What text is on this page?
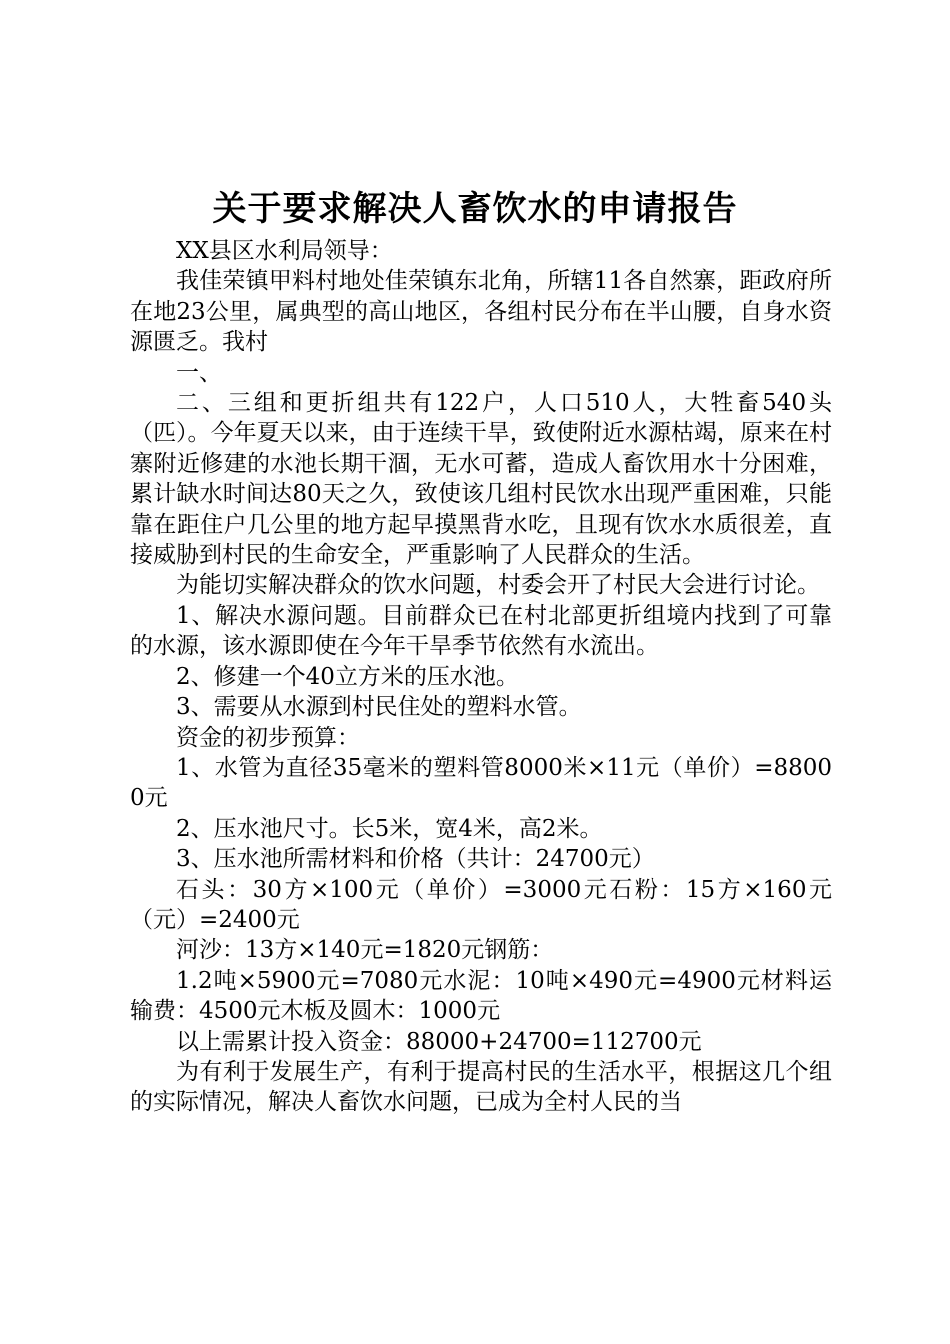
关于要求解决人畜饮水的申请报告

XX县区水利局领导：

我佳荣镇甲料村地处佳荣镇东北角，所辖11各自然寨，距政府所在地23公里，属典型的高山地区，各组村民分布在半山腰，自身水资源匮乏。我村

一、

二、三组和更折组共有122户，人口510人，大牲畜540头（匹）。今年夏天以来，由于连续干旱，致使附近水源枯竭，原来在村寨附近修建的水池长期干涸，无水可蓄，造成人畜饮用水十分困难，累计缺水时间达80天之久，致使该几组村民饮水出现严重困难，只能靠在距住户几公里的地方起早摸黑背水吃，且现有饮水水质很差，直接威胁到村民的生命安全，严重影响了人民群众的生活。

为能切实解决群众的饮水问题，村委会开了村民大会进行讨论。

1、解决水源问题。目前群众已在村北部更折组境内找到了可靠的水源，该水源即使在今年干旱季节依然有水流出。

2、修建一个40立方米的压水池。

3、需要从水源到村民住处的塑料水管。

资金的初步预算：

1、水管为直径35毫米的塑料管8000米×11元（单价）=88000元

2、压水池尺寸。长5米，宽4米，高2米。

3、压水池所需材料和价格（共计：24700元）

石头：30方×100元（单价）=3000元石粉：15方×160元（元）=2400元

河沙：13方×140元=1820元钢筋：

1.2吨×5900元=7080元水泥：10吨×490元=4900元材料运输费：4500元木板及圆木：1000元

以上需累计投入资金：88000+24700=112700元

为有利于发展生产，有利于提高村民的生活水平，根据这几个组的实际情况，解决人畜饮水问题，已成为全村人民的当
